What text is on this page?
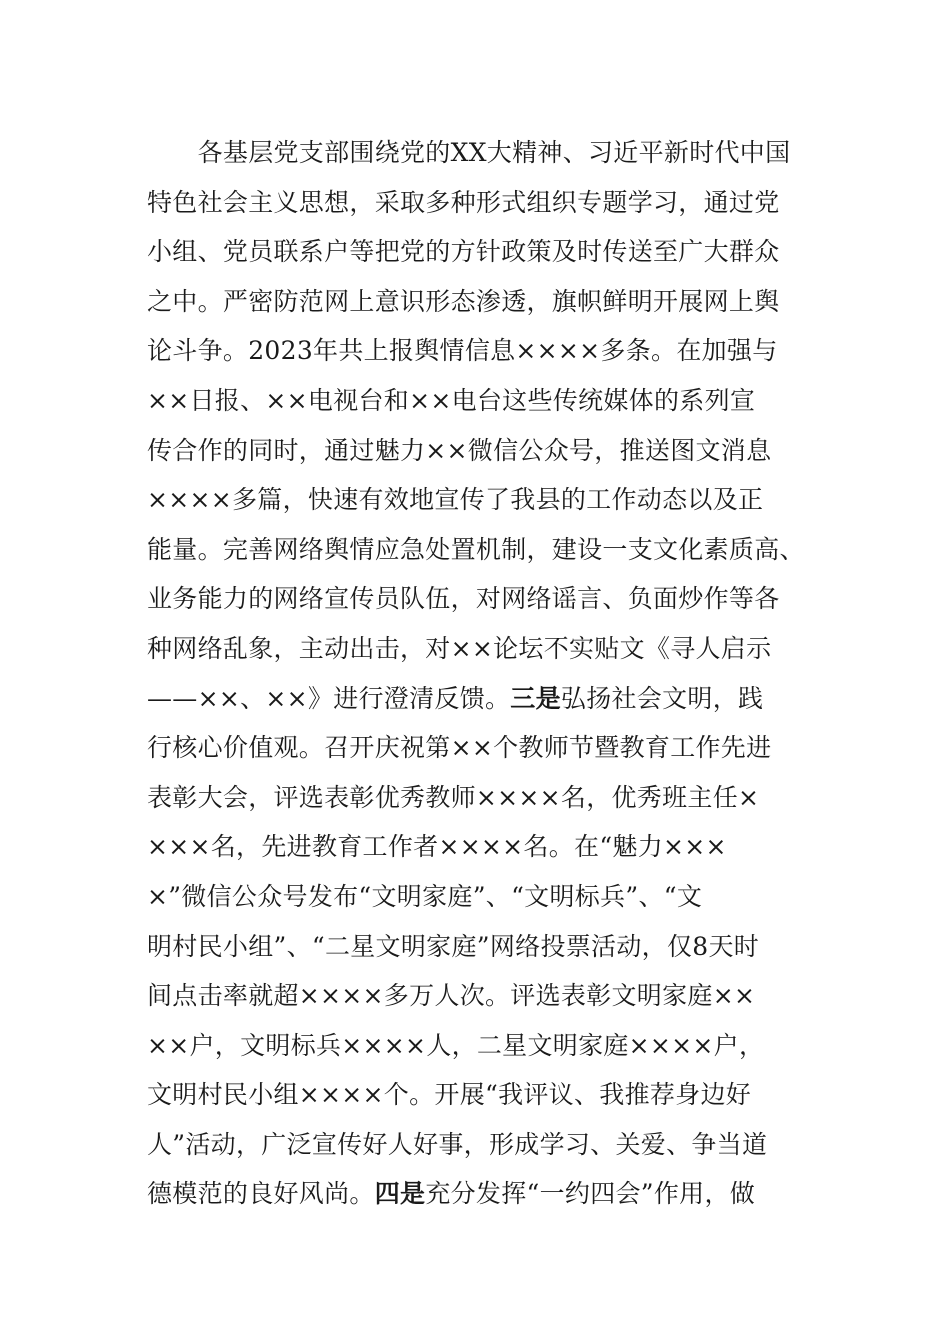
　　各基层党支部围绕党的XX大精神、习近平新时代中国
特色社会主义思想，采取多种形式组织专题学习，通过党
小组、党员联系户等把党的方针政策及时传送至广大群众
之中。严密防范网上意识形态渗透，旗帜鲜明开展网上舆
论斗争。2023年共上报舆情信息××××多条。在加强与
××日报、××电视台和××电台这些传统媒体的系列宣
传合作的同时，通过魅力××微信公众号，推送图文消息
××××多篇，快速有效地宣传了我县的工作动态以及正
能量。完善网络舆情应急处置机制，建设一支文化素质高、
业务能力的网络宣传员队伍，对网络谣言、负面炒作等各
种网络乱象，主动出击，对××论坛不实贴文《寻人启示
——××、××》进行澄清反馈。三是弘扬社会文明，践
行核心价值观。召开庆祝第××个教师节暨教育工作先进
表彰大会，评选表彰优秀教师××××名，优秀班主任×
×××名，先进教育工作者××××名。在“魅力×××
×”微信公众号发布“文明家庭”、“文明标兵”、“文
明村民小组”、“二星文明家庭”网络投票活动，仅8天时
间点击率就超××××多万人次。评选表彰文明家庭××
××户，文明标兵××××人，二星文明家庭××××户，
文明村民小组××××个。开展“我评议、我推荐身边好
人”活动，广泛宣传好人好事，形成学习、关爱、争当道
德模范的良好风尚。四是充分发挥“一约四会”作用，做
